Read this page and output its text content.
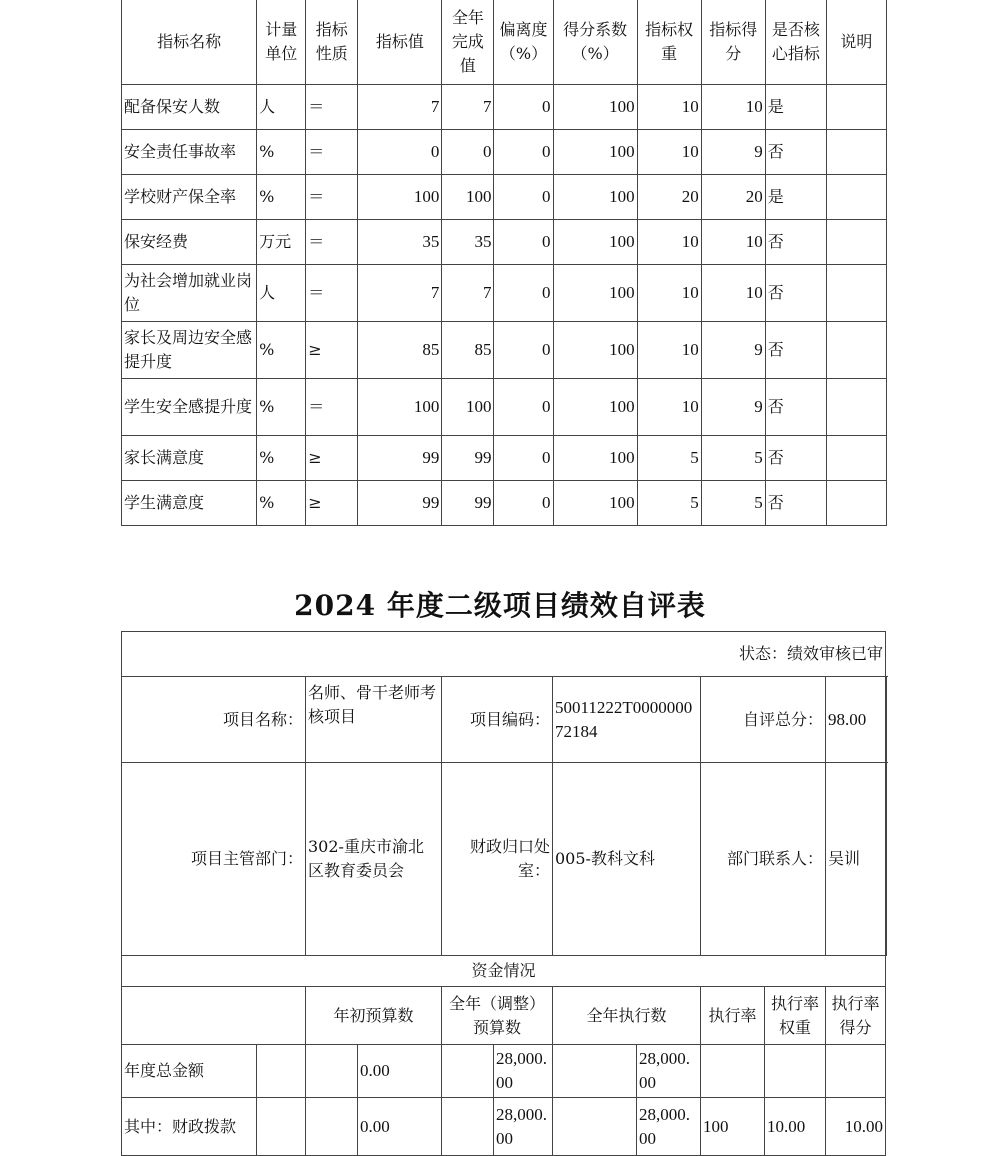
指标名称	计量单位	指标性质	指标值	全年完成值	偏离度（%）	得分系数（%）	指标权重	指标得分	是否核心指标	说明
配备保安人数	人	＝	7	7	0	100	10	10	是	
安全责任事故率	%	＝	0	0	0	100	10	9	否	
学校财产保全率	%	＝	100	100	0	100	20	20	是	
保安经费	万元	＝	35	35	0	100	10	10	否	
为社会增加就业岗位	人	＝	7	7	0	100	10	10	否	
家长及周边安全感提升度	%	≥	85	85	0	100	10	9	否	
学生安全感提升度	%	＝	100	100	0	100	10	9	否	
家长满意度	%	≥	99	99	0	100	5	5	否	
学生满意度	%	≥	99	99	0	100	5	5	否	
2024 年度二级项目绩效自评表
状态：绩效审核已审											
项目名称：		名师、骨干老师考核项目		项目编码：		50011222T000000072184		自评总分：		98.00		
项目主管部门：		302-重庆市渝北区教育委员会		财政归口处室：		005-教科文科		部门联系人：		吴训		
资金情况											
		年初预算数		全年（调整）预算数		全年执行数		执行率	执行率权重	执行率得分	
年度总金额			0.00		28,000.00		28,000.00				
其中：财政拨款			0.00		28,000.00		28,000.00	100	10.00	10.00	
